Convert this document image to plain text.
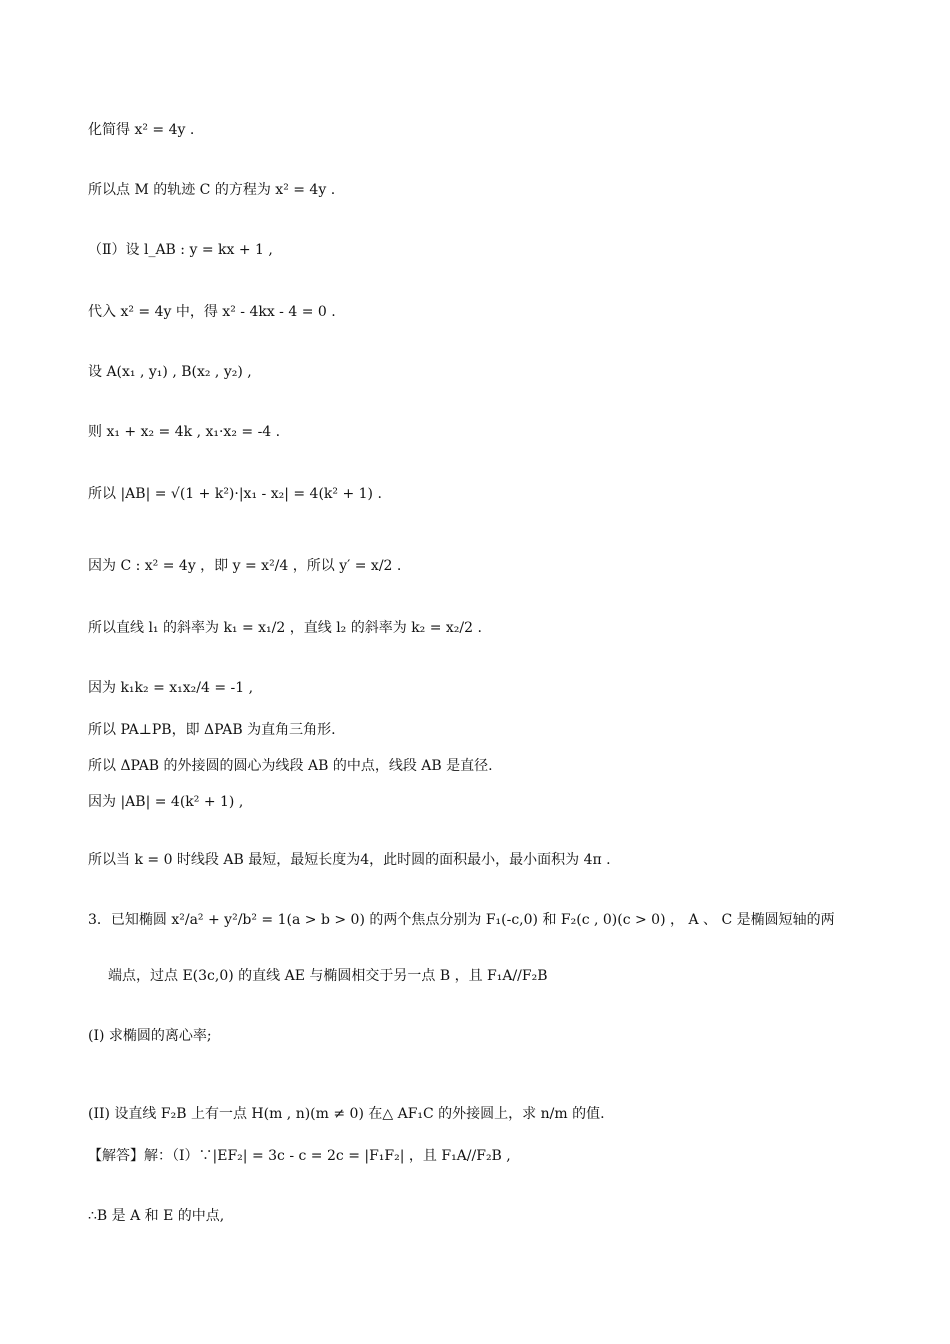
化简得 x² = 4y .
所以点 M 的轨迹 C 的方程为 x² = 4y .
（Ⅱ）设 l_AB : y = kx + 1 ,
代入 x² = 4y 中，得 x² - 4kx - 4 = 0 .
设 A(x₁ , y₁) , B(x₂ , y₂) ,
则 x₁ + x₂ = 4k , x₁·x₂ = -4 .
所以 |AB| = √(1 + k²)·|x₁ - x₂| = 4(k² + 1) .
因为 C : x² = 4y ，即 y = x²/4 ，所以 y′ = x/2 .
所以直线 l₁ 的斜率为 k₁ = x₁/2 ，直线 l₂ 的斜率为 k₂ = x₂/2 .
因为 k₁k₂ = x₁x₂/4 = -1 ,
所以 PA⊥PB，即 ΔPAB 为直角三角形.
所以 ΔPAB 的外接圆的圆心为线段 AB 的中点，线段 AB 是直径.
因为 |AB| = 4(k² + 1) ,
所以当 k = 0 时线段 AB 最短，最短长度为4，此时圆的面积最小，最小面积为 4π .
3．已知椭圆 x²/a² + y²/b² = 1(a > b > 0) 的两个焦点分别为 F₁(-c,0) 和 F₂(c , 0)(c > 0) ， A 、 C 是椭圆短轴的两
端点，过点 E(3c,0) 的直线 AE 与椭圆相交于另一点 B ，且 F₁A//F₂B
(I) 求椭圆的离心率;
(II) 设直线 F₂B 上有一点 H(m , n)(m ≠ 0) 在△ AF₁C 的外接圆上，求 n/m 的值.
【解答】解：（Ⅰ）∵|EF₂| = 3c - c = 2c = |F₁F₂| ，且 F₁A//F₂B ,
∴B 是 A 和 E 的中点,
